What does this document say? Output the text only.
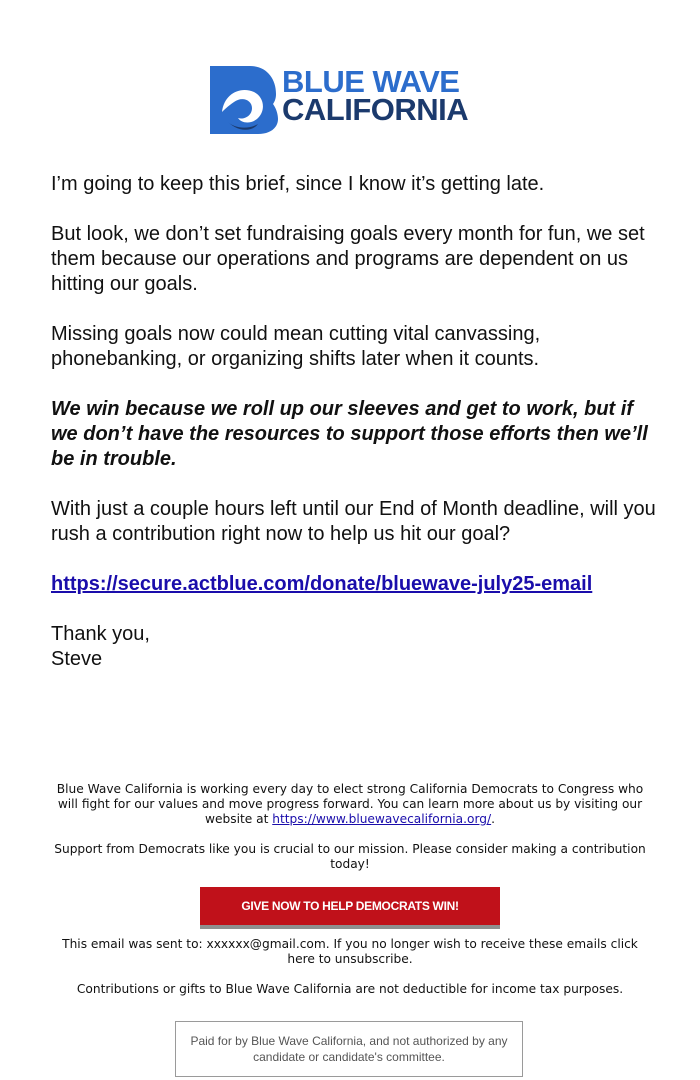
BLUE WAVE
CALIFORNIA

I’m going to keep this brief, since I know it’s getting late.

But look, we don’t set fundraising goals every month for fun, we set them because our operations and programs are dependent on us hitting our goals.

Missing goals now could mean cutting vital canvassing, phonebanking, or organizing shifts later when it counts.

We win because we roll up our sleeves and get to work, but if we don’t have the resources to support those efforts then we’ll be in trouble.

With just a couple hours left until our End of Month deadline, will you rush a contribution right now to help us hit our goal?

https://secure.actblue.com/donate/bluewave-july25-email

Thank you,
Steve

Blue Wave California is working every day to elect strong California Democrats to Congress who will fight for our values and move progress forward. You can learn more about us by visiting our website at https://www.bluewavecalifornia.org/.

Support from Democrats like you is crucial to our mission. Please consider making a contribution today!

GIVE NOW TO HELP DEMOCRATS WIN!

This email was sent to: xxxxxx@gmail.com. If you no longer wish to receive these emails click here to unsubscribe.

Contributions or gifts to Blue Wave California are not deductible for income tax purposes.

Paid for by Blue Wave California, and not authorized by any candidate or candidate's committee.
